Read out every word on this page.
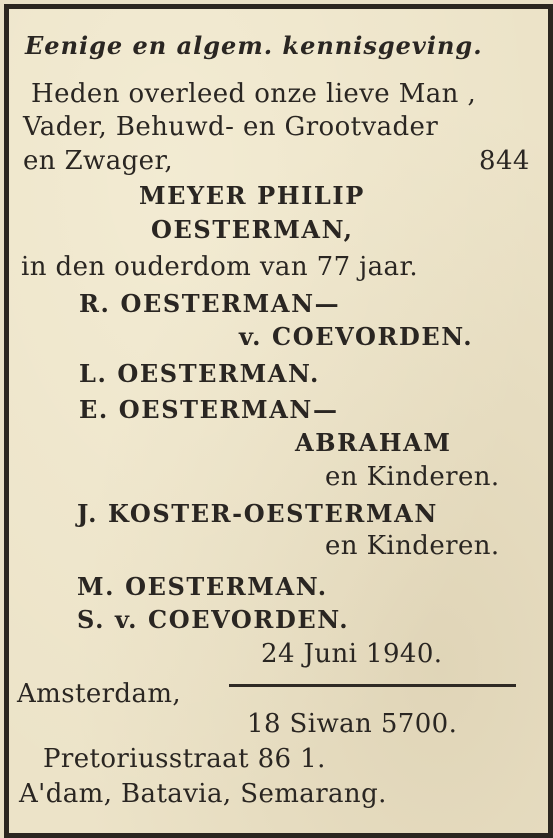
Eenige en algem. kennisgeving.
Heden overleed onze lieve Man ,
Vader, Behuwd- en Grootvader
en Zwager,	844
MEYER PHILIP
OESTERMAN,
in den ouderdom van 77 jaar.
R. OESTERMAN—
v. COEVORDEN.
L. OESTERMAN.
E. OESTERMAN—
ABRAHAM
en Kinderen.
J. KOSTER-OESTERMAN
en Kinderen.
M. OESTERMAN.
S. v. COEVORDEN.
24 Juni 1940.
Amsterdam,
18 Siwan 5700.
Pretoriusstraat 86 1.
A'dam, Batavia, Semarang.
